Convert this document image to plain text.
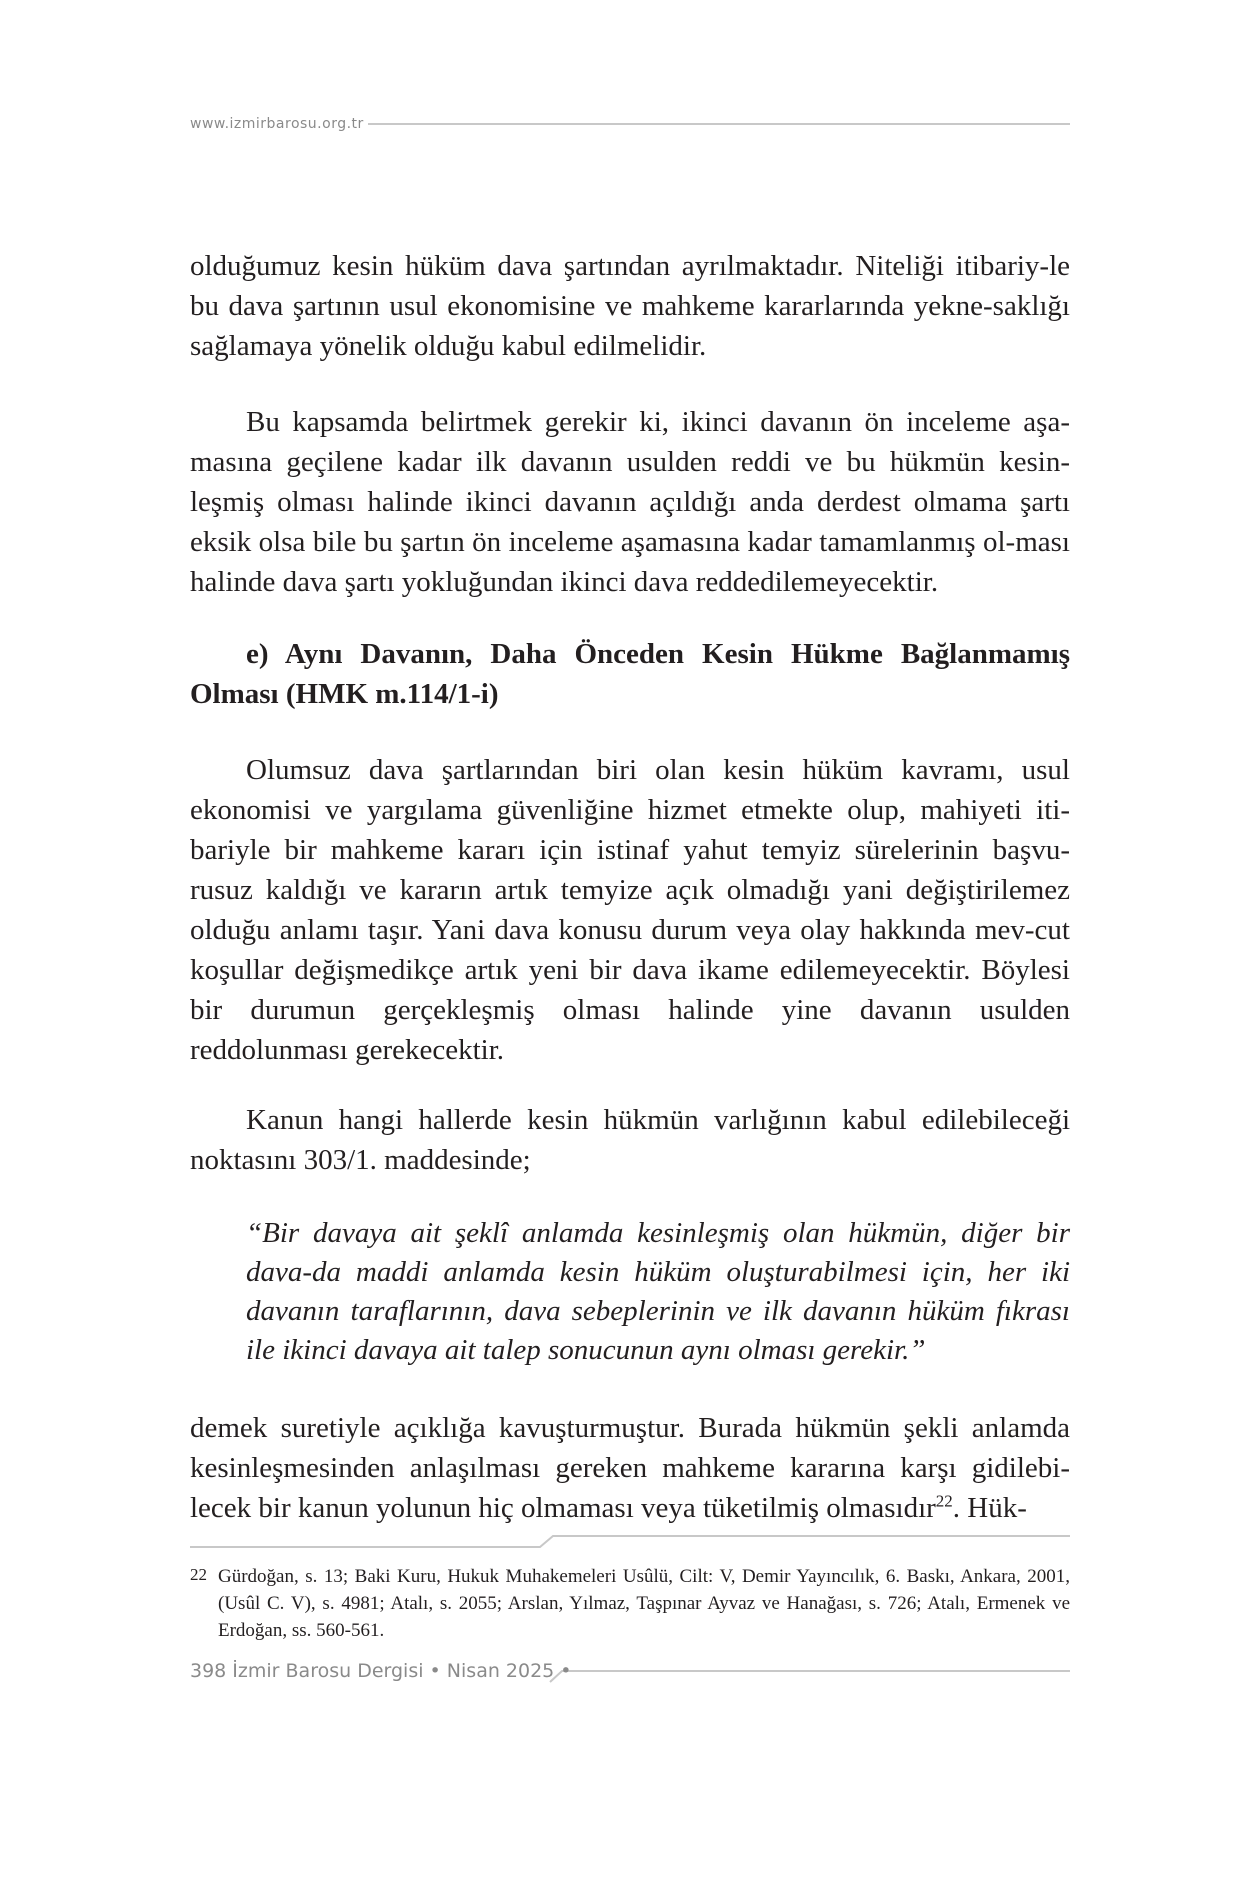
www.izmirbarosu.org.tr

olduğumuz kesin hüküm dava şartından ayrılmaktadır. Niteliği itibariy-le bu dava şartının usul ekonomisine ve mahkeme kararlarında yekne-saklığı sağlamaya yönelik olduğu kabul edilmelidir.

Bu kapsamda belirtmek gerekir ki, ikinci davanın ön inceleme aşa-masına geçilene kadar ilk davanın usulden reddi ve bu hükmün kesin-leşmiş olması halinde ikinci davanın açıldığı anda derdest olmama şartı eksik olsa bile bu şartın ön inceleme aşamasına kadar tamamlanmış ol-ması halinde dava şartı yokluğundan ikinci dava reddedilemeyecektir.

e) Aynı Davanın, Daha Önceden Kesin Hükme Bağlanmamış Olması (HMK m.114/1-i)

Olumsuz dava şartlarından biri olan kesin hüküm kavramı, usul ekonomisi ve yargılama güvenliğine hizmet etmekte olup, mahiyeti iti-bariyle bir mahkeme kararı için istinaf yahut temyiz sürelerinin başvu-rusuz kaldığı ve kararın artık temyize açık olmadığı yani değiştirilemez olduğu anlamı taşır. Yani dava konusu durum veya olay hakkında mev-cut koşullar değişmedikçe artık yeni bir dava ikame edilemeyecektir. Böylesi bir durumun gerçekleşmiş olması halinde yine davanın usulden reddolunması gerekecektir.

Kanun hangi hallerde kesin hükmün varlığının kabul edilebileceği noktasını 303/1. maddesinde;

“Bir davaya ait şeklî anlamda kesinleşmiş olan hükmün, diğer bir dava-da maddi anlamda kesin hüküm oluşturabilmesi için, her iki davanın taraflarının, dava sebeplerinin ve ilk davanın hüküm fıkrası ile ikinci davaya ait talep sonucunun aynı olması gerekir.”

demek suretiyle açıklığa kavuşturmuştur. Burada hükmün şekli anlamda kesinleşmesinden anlaşılması gereken mahkeme kararına karşı gidilebi-lecek bir kanun yolunun hiç olmaması veya tüketilmiş olmasıdır$^{22}$. Hük-

22 Gürdoğan, s. 13; Baki Kuru, Hukuk Muhakemeleri Usûlü, Cilt: V, Demir Yayıncılık, 6. Baskı, Ankara, 2001, (Usûl C. V), s. 4981; Atalı, s. 2055; Arslan, Yılmaz, Taşpınar Ayvaz ve Hanağası, s. 726; Atalı, Ermenek ve Erdoğan, ss. 560-561.
398 İzmir Barosu Dergisi • Nisan 2025 •
